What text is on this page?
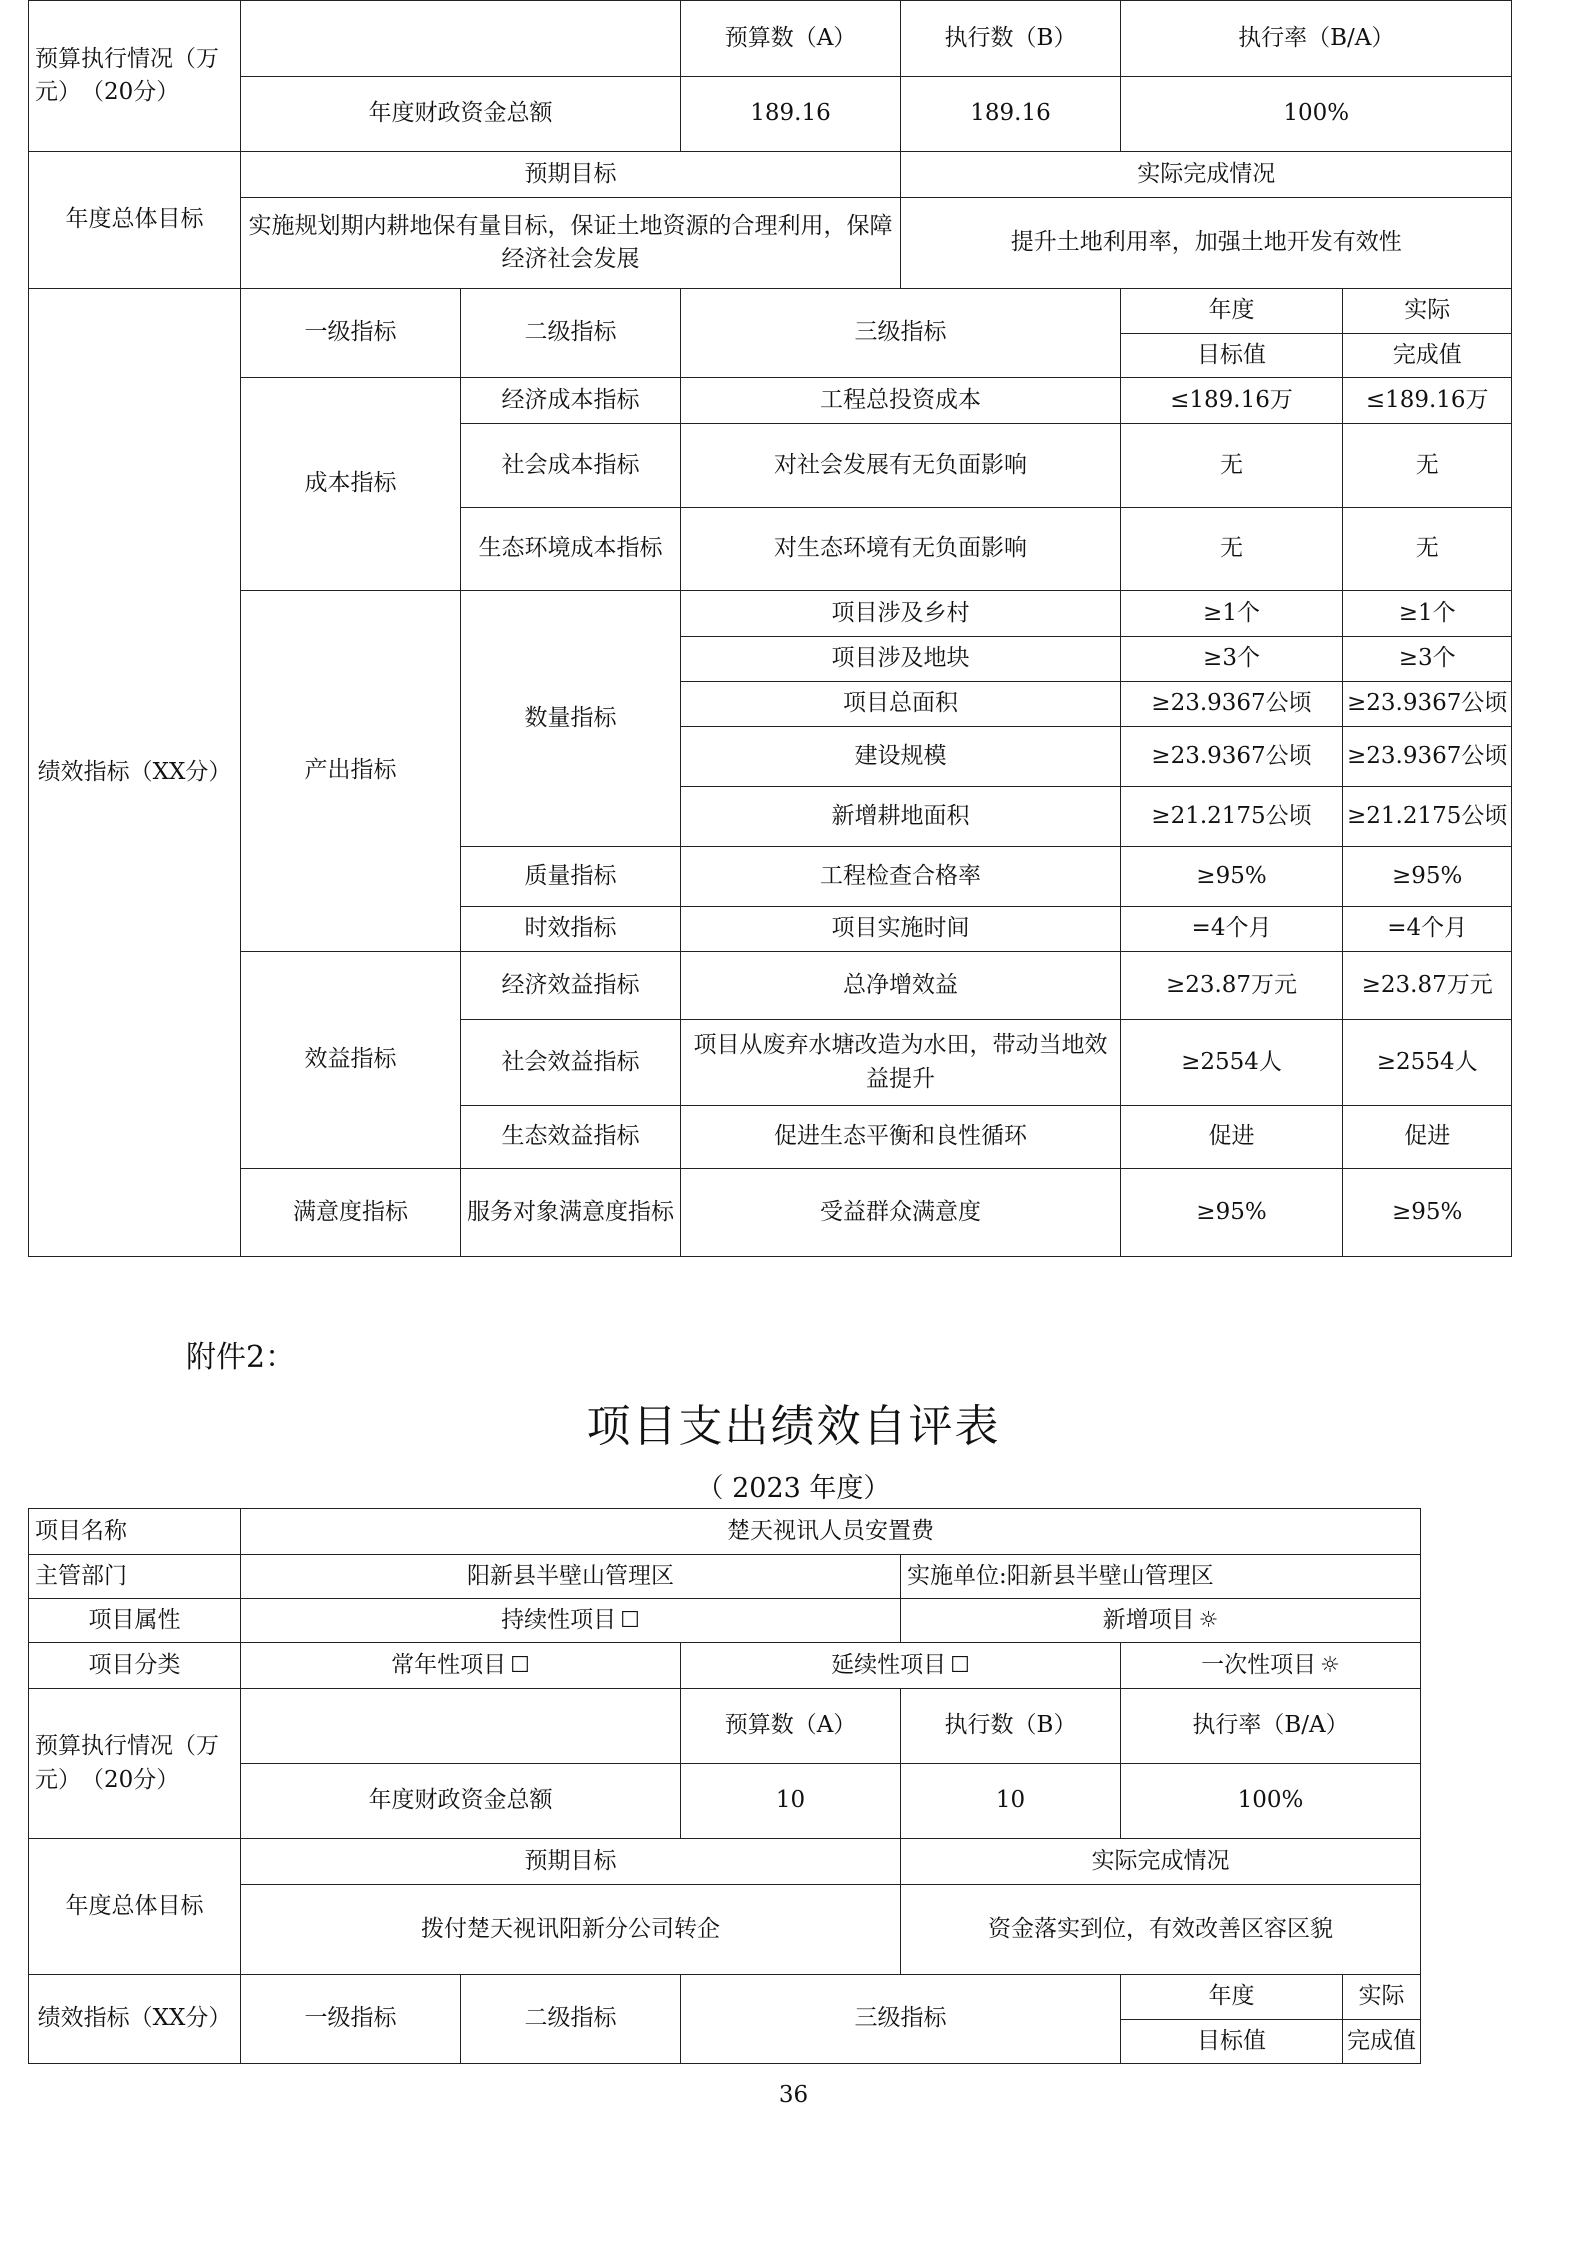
预算执行情况（万元）　（20分）			预算数（A）	执行数（B）	执行率（B/A）	
	年度财政资金总额		189.16	189.16	100%	
年度总体目标	预期目标			实际完成情况		
	实施规划期内耕地保有量目标，保证土地资源的合理利用，保障经济社会发展			提升土地利用率，加强土地开发有效性		
绩效指标（XX分）	一级指标	二级指标	三级指标		年度	实际
					目标值	完成值
	成本指标	经济成本指标	工程总投资成本		≤189.16万	≤189.16万
		社会成本指标	对社会发展有无负面影响		无	无
		生态环境成本指标	对生态环境有无负面影响		无	无
	产出指标	数量指标	项目涉及乡村		≥1个	≥1个
			项目涉及地块		≥3个	≥3个
			项目总面积		≥23.9367公顷	≥23.9367公顷
			建设规模		≥23.9367公顷	≥23.9367公顷
			新增耕地面积		≥21.2175公顷	≥21.2175公顷
		质量指标	工程检查合格率		≥95%	≥95%
		时效指标	项目实施时间		=4个月	=4个月
	效益指标	经济效益指标	总净增效益		≥23.87万元	≥23.87万元
		社会效益指标	项目从废弃水塘改造为水田，带动当地效益提升		≥2554人	≥2554人
		生态效益指标	促进生态平衡和良性循环		促进	促进
	满意度指标	服务对象满意度指标	受益群众满意度		≥95%	≥95%
附件2：
项目支出绩效自评表
（ 2023 年度）
项目名称	楚天视讯人员安置费					
主管部门	阳新县半壁山管理区			实施单位:阳新县半壁山管理区		
项目属性	持续性项目 ☐			新增项目 ☼		
项目分类	常年性项目 ☐		延续性项目 ☐		一次性项目 ☼	
预算执行情况（万元）　（20分）			预算数（A）	执行数（B）	执行率（B/A）	
	年度财政资金总额		10	10	100%	
年度总体目标	预期目标			实际完成情况		
	拨付楚天视讯阳新分公司转企			资金落实到位，有效改善区容区貌		
绩效指标（XX分）	一级指标	二级指标	三级指标		年度	实际
					目标值	完成值
36
